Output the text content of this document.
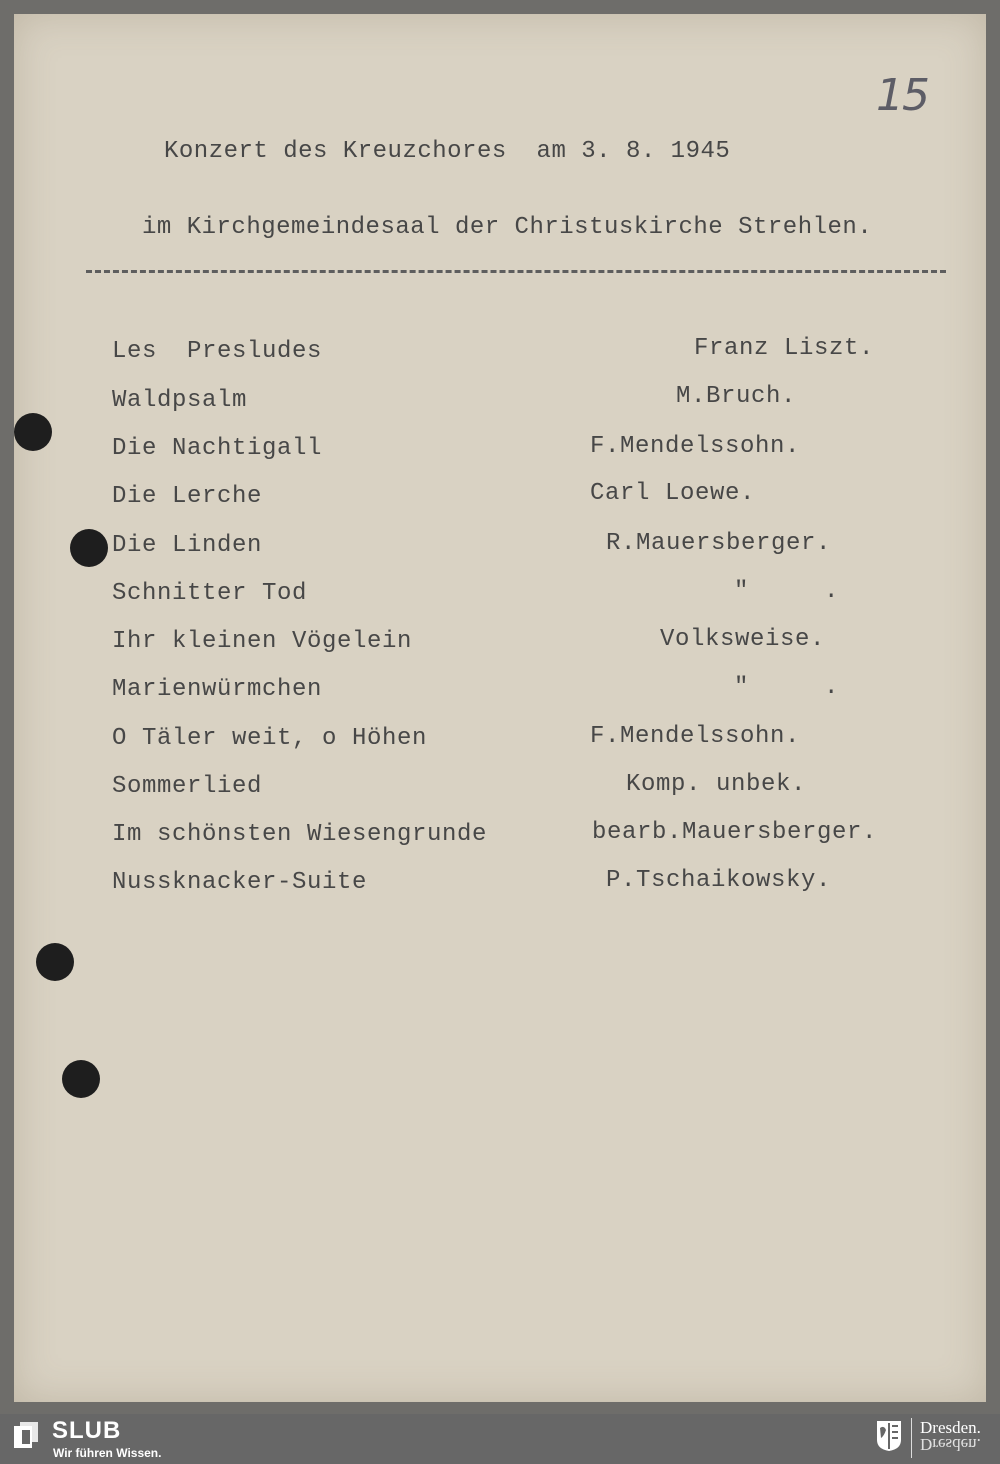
15
Konzert des Kreuzchores  am 3. 8. 1945
im Kirchgemeindesaal der Christuskirche Strehlen.
Les  Presludes	Franz Liszt.
Waldpsalm	M.Bruch.
Die Nachtigall	F.Mendelssohn.
Die Lerche	Carl Loewe.
Die Linden	R.Mauersberger.
Schnitter Tod	"     .
Ihr kleinen Vögelein	Volksweise.
Marienwürmchen	"     .
O Täler weit, o Höhen	F.Mendelssohn.
Sommerlied	Komp. unbek.
Im schönsten Wiesengrunde	bearb.Mauersberger.
Nussknacker-Suite	P.Tschaikowsky.
SLUB
Wir führen Wissen.
Dresden.
Dresden.
